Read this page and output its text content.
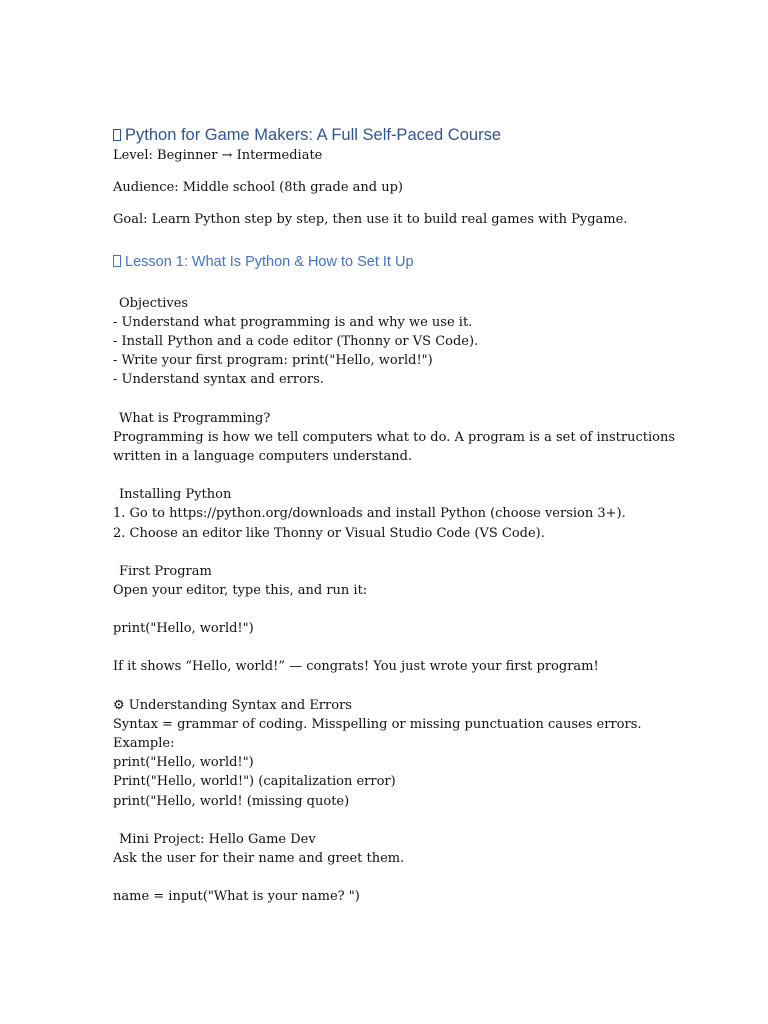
Python for Game Makers: A Full Self-Paced Course

Level: Beginner → Intermediate

Audience: Middle school (8th grade and up)

Goal: Learn Python step by step, then use it to build real games with Pygame.

Lesson 1: What Is Python & How to Set It Up

Objectives

- Understand what programming is and why we use it.

- Install Python and a code editor (Thonny or VS Code).

- Write your first program: print("Hello, world!")

- Understand syntax and errors.

What is Programming?

Programming is how we tell computers what to do. A program is a set of instructions

written in a language computers understand.

Installing Python

1. Go to https://python.org/downloads and install Python (choose version 3+).

2. Choose an editor like Thonny or Visual Studio Code (VS Code).

First Program

Open your editor, type this, and run it:

print("Hello, world!")

If it shows “Hello, world!” — congrats! You just wrote your first program!

⚙ Understanding Syntax and Errors

Syntax = grammar of coding. Misspelling or missing punctuation causes errors.

Example:

print("Hello, world!")

Print("Hello, world!") (capitalization error)

print("Hello, world! (missing quote)

Mini Project: Hello Game Dev

Ask the user for their name and greet them.

name = input("What is your name? ")
